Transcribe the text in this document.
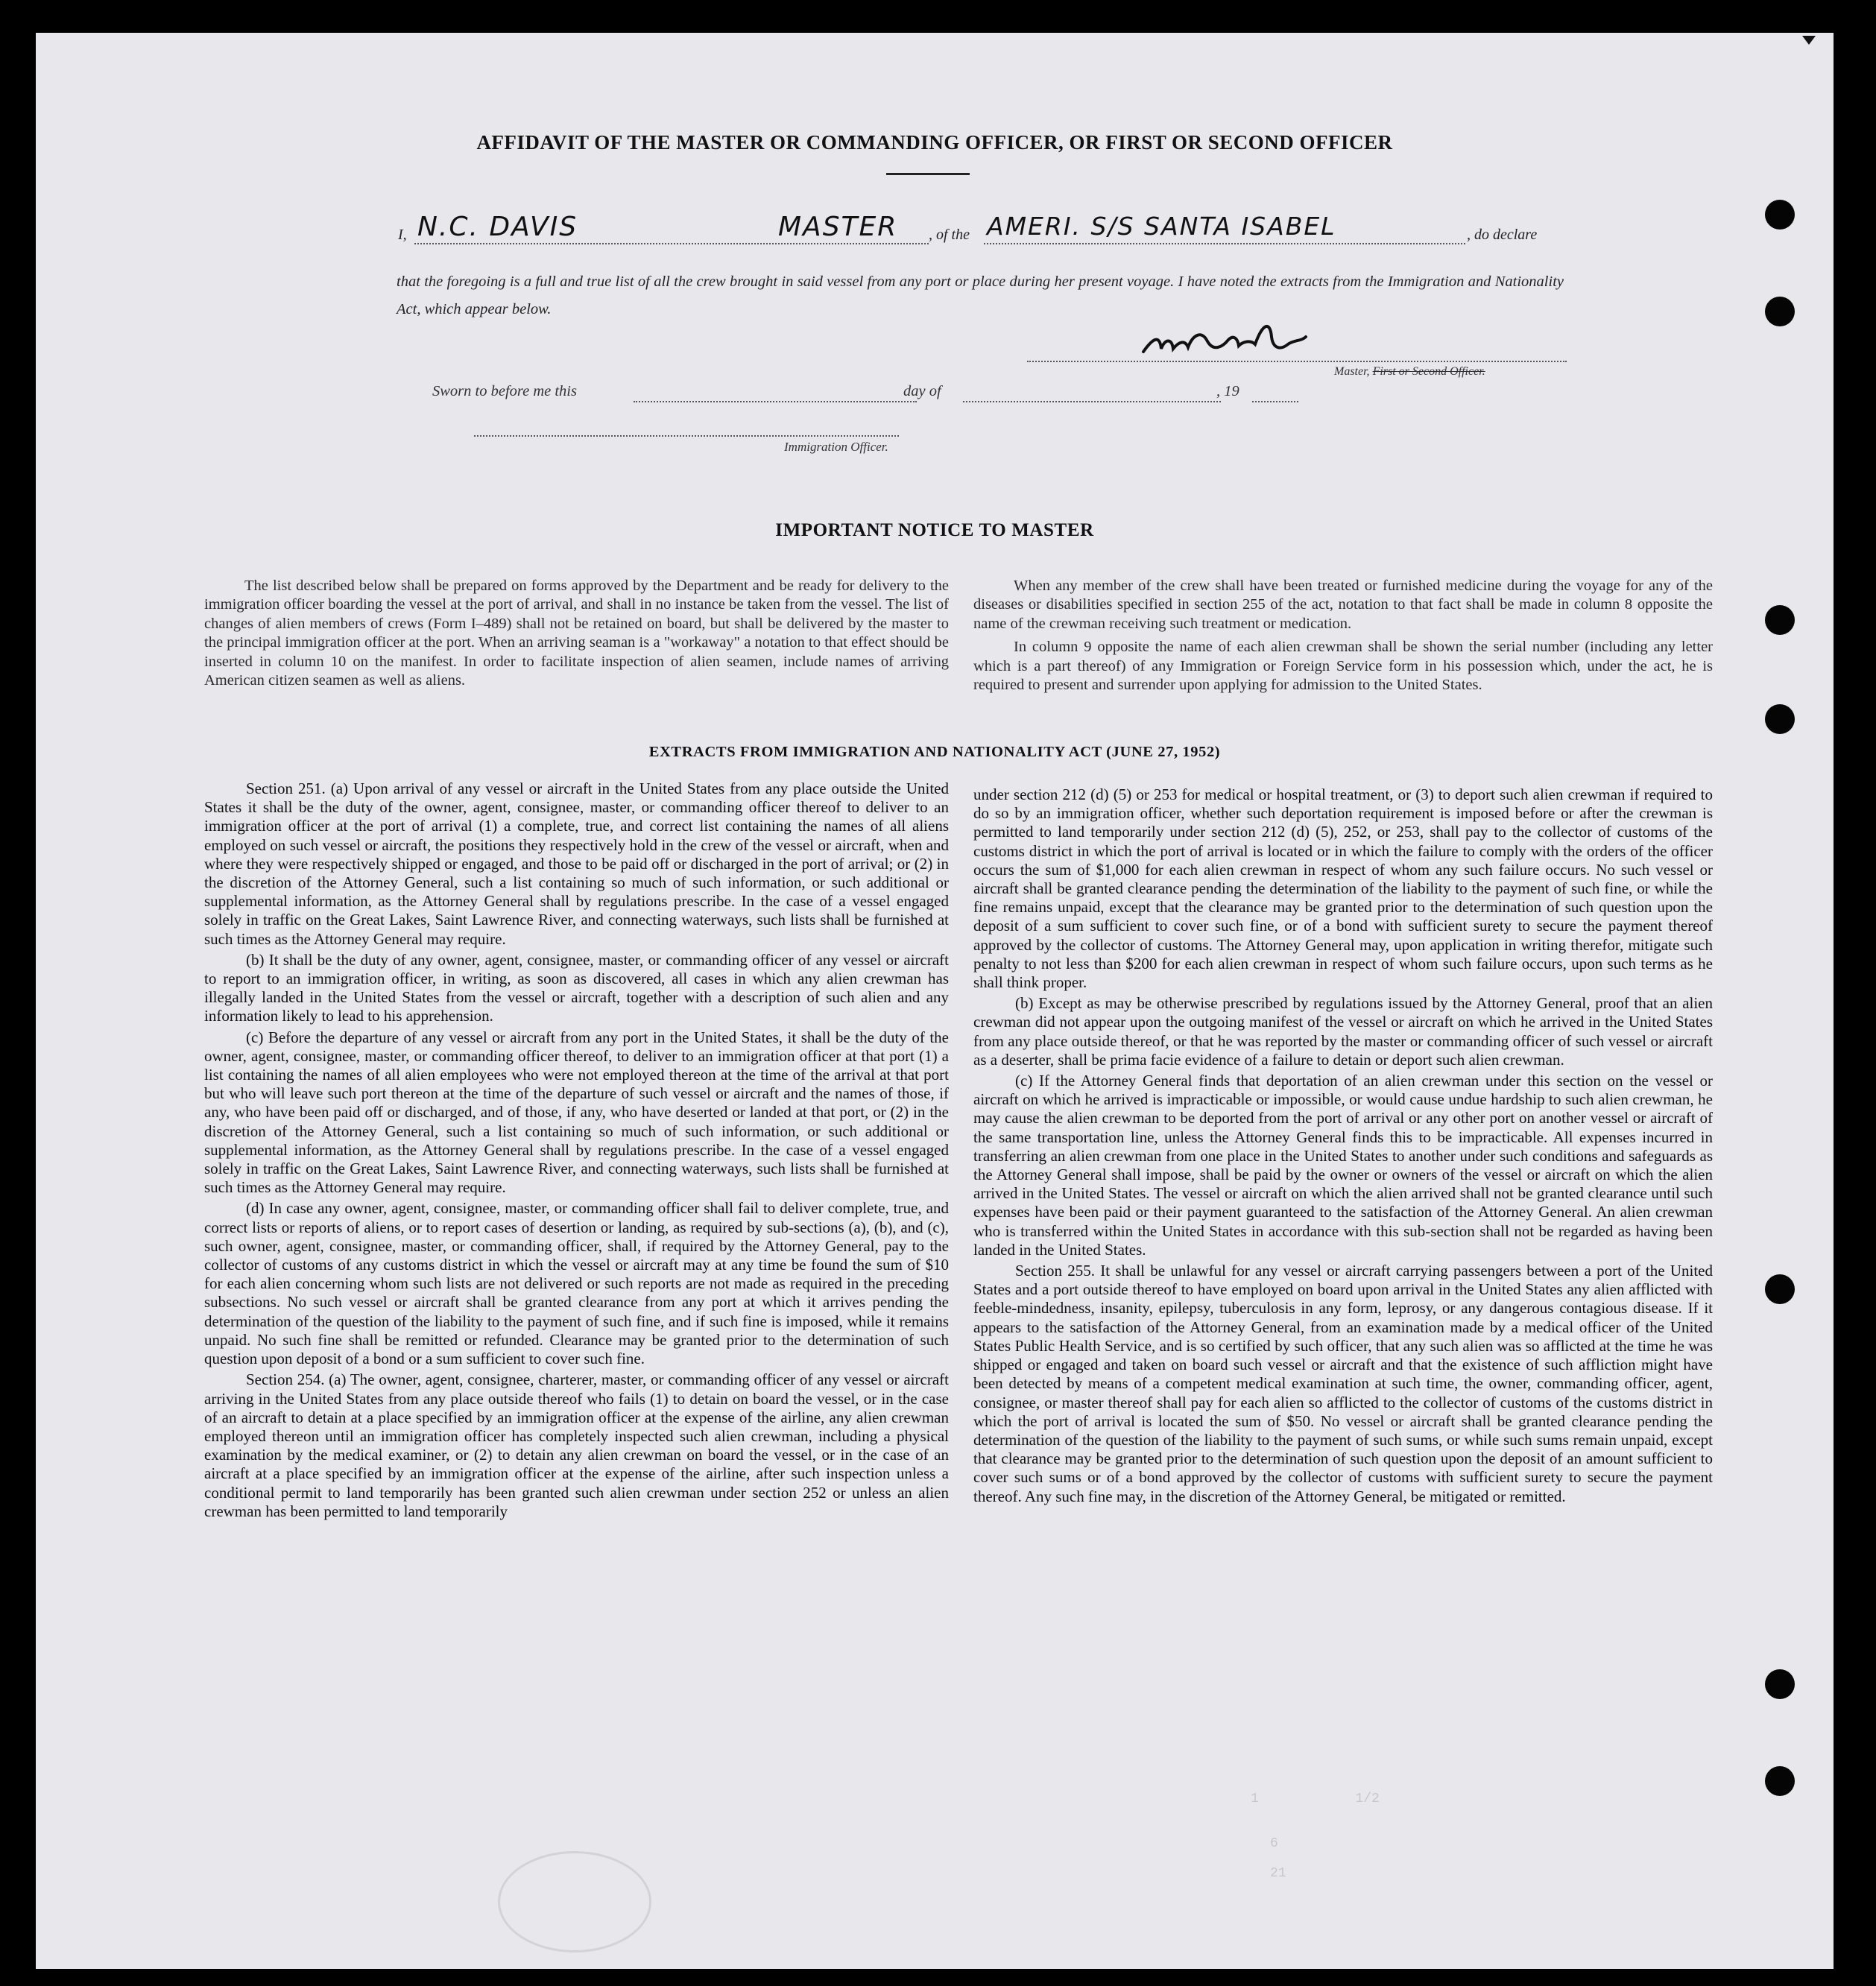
AFFIDAVIT OF THE MASTER OR COMMANDING OFFICER, OR FIRST OR SECOND OFFICER
I, N.C. DAVIS	MASTER , of the AMERI. S/S SANTA ISABEL	, do declare
that the foregoing is a full and true list of all the crew brought in said vessel from any port or place during her present voyage. I have noted the extracts from the Immigration and Nationality Act, which appear below.
Master, First or Second Officer.
Sworn to before me this	day of	, 19
Immigration Officer.
IMPORTANT NOTICE TO MASTER

The list described below shall be prepared on forms approved by the Department and be ready for delivery to the immigration officer boarding the vessel at the port of arrival, and shall in no instance be taken from the vessel. The list of changes of alien members of crews (Form I–489) shall not be retained on board, but shall be delivered by the master to the principal immigration officer at the port. When an arriving seaman is a "workaway" a notation to that effect should be inserted in column 10 on the manifest. In order to facilitate inspection of alien seamen, include names of arriving American citizen seamen as well as aliens.

When any member of the crew shall have been treated or furnished medicine during the voyage for any of the diseases or disabilities specified in section 255 of the act, notation to that fact shall be made in column 8 opposite the name of the crewman receiving such treatment or medication.

In column 9 opposite the name of each alien crewman shall be shown the serial number (including any letter which is a part thereof) of any Immigration or Foreign Service form in his possession which, under the act, he is required to present and surrender upon applying for admission to the United States.

EXTRACTS FROM IMMIGRATION AND NATIONALITY ACT (JUNE 27, 1952)

Section 251. (a) Upon arrival of any vessel or aircraft in the United States from any place outside the United States it shall be the duty of the owner, agent, consignee, master, or commanding officer thereof to deliver to an immigration officer at the port of arrival (1) a complete, true, and correct list containing the names of all aliens employed on such vessel or aircraft, the positions they respectively hold in the crew of the vessel or aircraft, when and where they were respectively shipped or engaged, and those to be paid off or discharged in the port of arrival; or (2) in the discretion of the Attorney General, such a list containing so much of such information, or such additional or supplemental information, as the Attorney General shall by regulations prescribe. In the case of a vessel engaged solely in traffic on the Great Lakes, Saint Lawrence River, and connecting waterways, such lists shall be furnished at such times as the Attorney General may require.

(b) It shall be the duty of any owner, agent, consignee, master, or commanding officer of any vessel or aircraft to report to an immigration officer, in writing, as soon as discovered, all cases in which any alien crewman has illegally landed in the United States from the vessel or aircraft, together with a description of such alien and any information likely to lead to his apprehension.

(c) Before the departure of any vessel or aircraft from any port in the United States, it shall be the duty of the owner, agent, consignee, master, or commanding officer thereof, to deliver to an immigration officer at that port (1) a list containing the names of all alien employees who were not employed thereon at the time of the arrival at that port but who will leave such port thereon at the time of the departure of such vessel or aircraft and the names of those, if any, who have been paid off or discharged, and of those, if any, who have deserted or landed at that port, or (2) in the discretion of the Attorney General, such a list containing so much of such information, or such additional or supplemental information, as the Attorney General shall by regulations prescribe. In the case of a vessel engaged solely in traffic on the Great Lakes, Saint Lawrence River, and connecting waterways, such lists shall be furnished at such times as the Attorney General may require.

(d) In case any owner, agent, consignee, master, or commanding officer shall fail to deliver complete, true, and correct lists or reports of aliens, or to report cases of desertion or landing, as required by sub-sections (a), (b), and (c), such owner, agent, consignee, master, or commanding officer, shall, if required by the Attorney General, pay to the collector of customs of any customs district in which the vessel or aircraft may at any time be found the sum of $10 for each alien concerning whom such lists are not delivered or such reports are not made as required in the preceding subsections. No such vessel or aircraft shall be granted clearance from any port at which it arrives pending the determination of the question of the liability to the payment of such fine, and if such fine is imposed, while it remains unpaid. No such fine shall be remitted or refunded. Clearance may be granted prior to the determination of such question upon deposit of a bond or a sum sufficient to cover such fine.

Section 254. (a) The owner, agent, consignee, charterer, master, or commanding officer of any vessel or aircraft arriving in the United States from any place outside thereof who fails (1) to detain on board the vessel, or in the case of an aircraft to detain at a place specified by an immigration officer at the expense of the airline, any alien crewman employed thereon until an immigration officer has completely inspected such alien crewman, including a physical examination by the medical examiner, or (2) to detain any alien crewman on board the vessel, or in the case of an aircraft at a place specified by an immigration officer at the expense of the airline, after such inspection unless a conditional permit to land temporarily has been granted such alien crewman under section 252 or unless an alien crewman has been permitted to land temporarily

under section 212 (d) (5) or 253 for medical or hospital treatment, or (3) to deport such alien crewman if required to do so by an immigration officer, whether such deportation requirement is imposed before or after the crewman is permitted to land temporarily under section 212 (d) (5), 252, or 253, shall pay to the collector of customs of the customs district in which the port of arrival is located or in which the failure to comply with the orders of the officer occurs the sum of $1,000 for each alien crewman in respect of whom any such failure occurs. No such vessel or aircraft shall be granted clearance pending the determination of the liability to the payment of such fine, or while the fine remains unpaid, except that the clearance may be granted prior to the determination of such question upon the deposit of a sum sufficient to cover such fine, or of a bond with sufficient surety to secure the payment thereof approved by the collector of customs. The Attorney General may, upon application in writing therefor, mitigate such penalty to not less than $200 for each alien crewman in respect of whom such failure occurs, upon such terms as he shall think proper.

(b) Except as may be otherwise prescribed by regulations issued by the Attorney General, proof that an alien crewman did not appear upon the outgoing manifest of the vessel or aircraft on which he arrived in the United States from any place outside thereof, or that he was reported by the master or commanding officer of such vessel or aircraft as a deserter, shall be prima facie evidence of a failure to detain or deport such alien crewman.

(c) If the Attorney General finds that deportation of an alien crewman under this section on the vessel or aircraft on which he arrived is impracticable or impossible, or would cause undue hardship to such alien crewman, he may cause the alien crewman to be deported from the port of arrival or any other port on another vessel or aircraft of the same transportation line, unless the Attorney General finds this to be impracticable. All expenses incurred in transferring an alien crewman from one place in the United States to another under such conditions and safeguards as the Attorney General shall impose, shall be paid by the owner or owners of the vessel or aircraft on which the alien arrived in the United States. The vessel or aircraft on which the alien arrived shall not be granted clearance until such expenses have been paid or their payment guaranteed to the satisfaction of the Attorney General. An alien crewman who is transferred within the United States in accordance with this sub-section shall not be regarded as having been landed in the United States.

Section 255. It shall be unlawful for any vessel or aircraft carrying passengers between a port of the United States and a port outside thereof to have employed on board upon arrival in the United States any alien afflicted with feeble-mindedness, insanity, epilepsy, tuberculosis in any form, leprosy, or any dangerous contagious disease. If it appears to the satisfaction of the Attorney General, from an examination made by a medical officer of the United States Public Health Service, and is so certified by such officer, that any such alien was so afflicted at the time he was shipped or engaged and taken on board such vessel or aircraft and that the existence of such affliction might have been detected by means of a competent medical examination at such time, the owner, commanding officer, agent, consignee, or master thereof shall pay for each alien so afflicted to the collector of customs of the customs district in which the port of arrival is located the sum of $50. No vessel or aircraft shall be granted clearance pending the determination of the question of the liability to the payment of such sums, or while such sums remain unpaid, except that clearance may be granted prior to the determination of such question upon the deposit of an amount sufficient to cover such sums or of a bond approved by the collector of customs with sufficient surety to secure the payment thereof. Any such fine may, in the discretion of the Attorney General, be mitigated or remitted.

1            1/2
6
21
